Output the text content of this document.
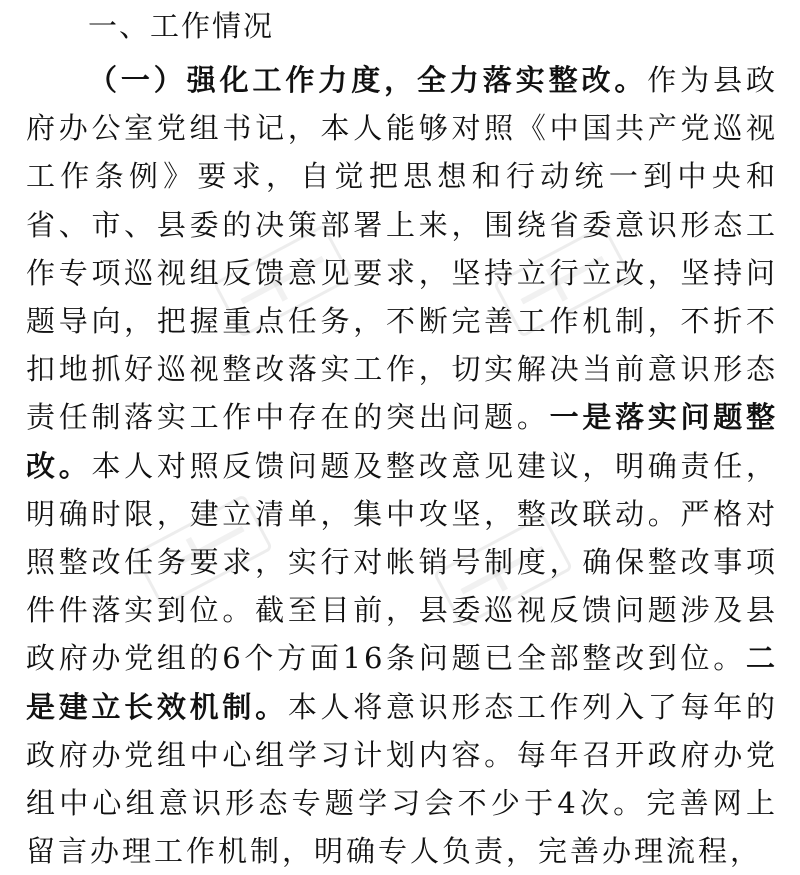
一、工作情况

（一）强化工作力度，全力落实整改。作为县政府办公室党组书记，本人能够对照《中国共产党巡视工作条例》要求，自觉把思想和行动统一到中央和省、市、县委的决策部署上来，围绕省委意识形态工作专项巡视组反馈意见要求，坚持立行立改，坚持问题导向，把握重点任务，不断完善工作机制，不折不扣地抓好巡视整改落实工作，切实解决当前意识形态责任制落实工作中存在的突出问题。一是落实问题整改。本人对照反馈问题及整改意见建议，明确责任，明确时限，建立清单，集中攻坚，整改联动。严格对照整改任务要求，实行对帐销号制度，确保整改事项件件落实到位。截至目前，县委巡视反馈问题涉及县政府办党组的6个方面16条问题已全部整改到位。二是建立长效机制。本人将意识形态工作列入了每年的政府办党组中心组学习计划内容。每年召开政府办党组中心组意识形态专题学习会不少于4次。完善网上留言办理工作机制，明确专人负责，完善办理流程，
